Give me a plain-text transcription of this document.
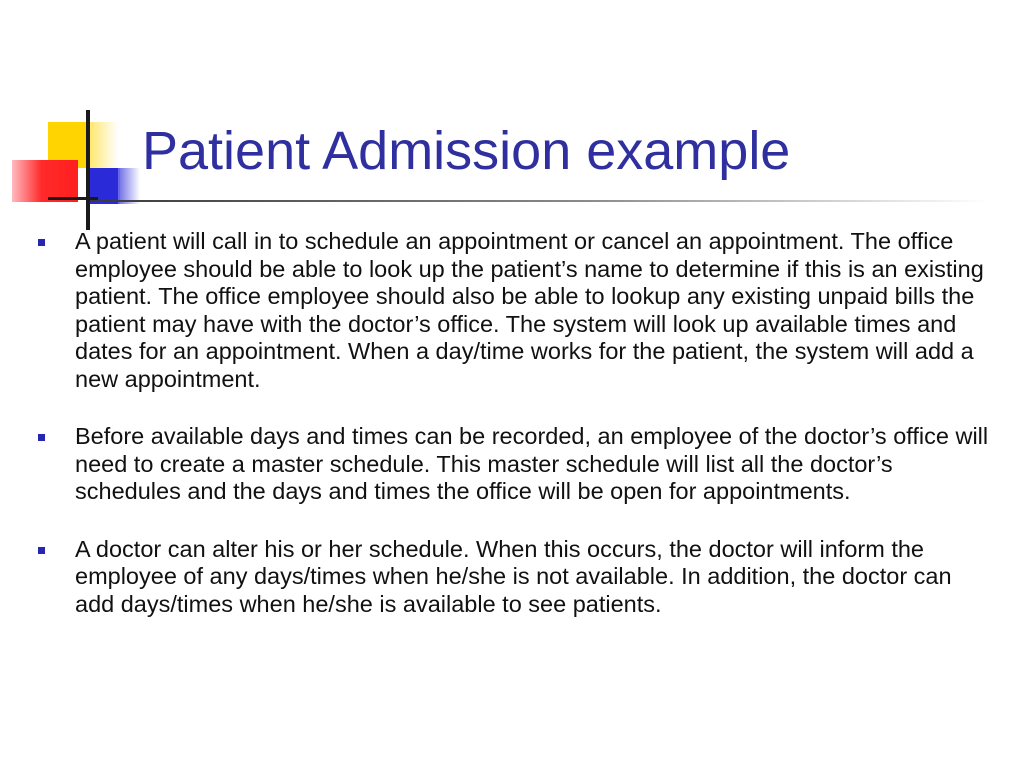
Patient Admission example
A patient will call in to schedule an appointment or cancel an appointment. The office employee should be able to look up the patient’s name to determine if this is an existing patient. The office employee should also be able to lookup any existing unpaid bills the patient may have with the doctor’s office. The system will look up available times and dates for an appointment. When a day/time works for the patient, the system will add a new appointment.
Before available days and times can be recorded, an employee of the doctor’s office will need to create a master schedule. This master schedule will list all the doctor’s schedules and the days and times the office will be open for appointments.
A doctor can alter his or her schedule. When this occurs, the doctor will inform the employee of any days/times when he/she is not available. In addition, the doctor can add days/times when he/she is available to see patients.
